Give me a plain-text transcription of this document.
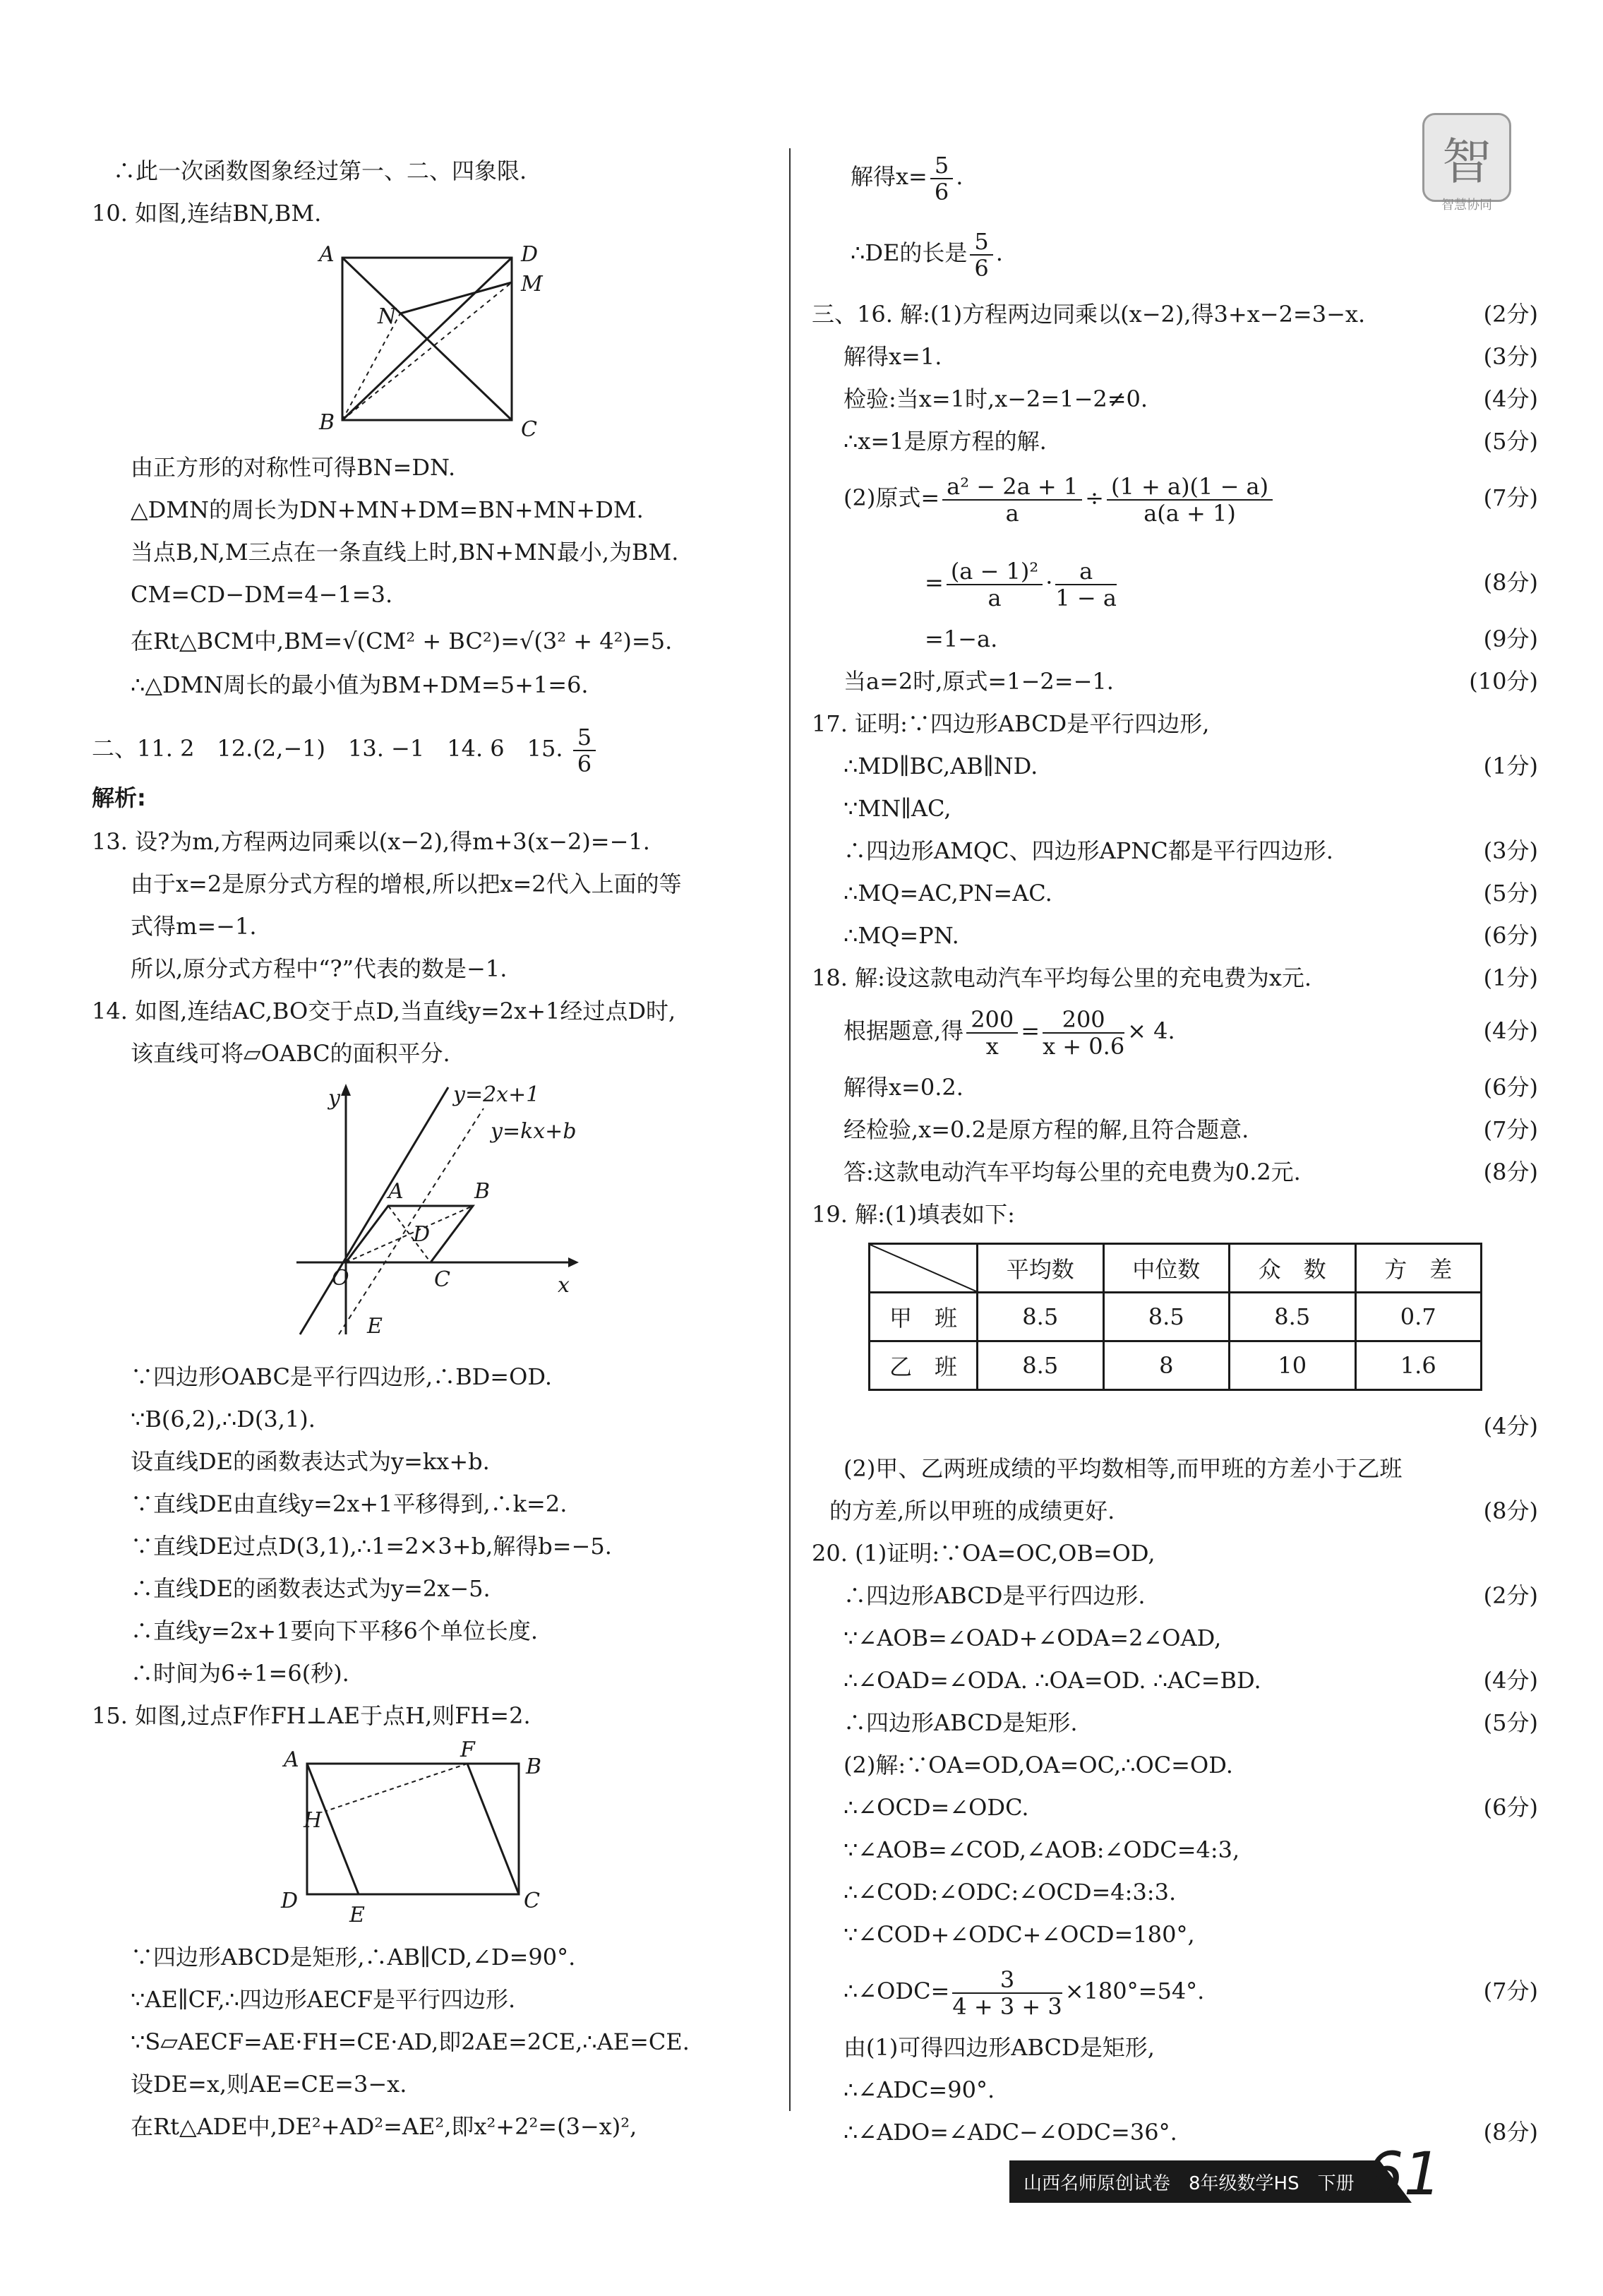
智
智慧协同
∴此一次函数图象经过第一、二、四象限.
10. 如图,连结BN,BM.
A	D
N
M
B	C
由正方形的对称性可得BN=DN.
△DMN的周长为DN+MN+DM=BN+MN+DM.
当点B,N,M三点在一条直线上时,BN+MN最小,为BM.
CM=CD−DM=4−1=3.
在Rt△BCM中,BM=√(CM² + BC²)=√(3² + 4²)=5.
∴△DMN周长的最小值为BM+DM=5+1=6.
二、11. 2　12.(2,−1)　13. −1　14. 6　15. $\frac{5}{6}$
解析:
13. 设?为m,方程两边同乘以(x−2),得m+3(x−2)=−1.
由于x=2是原分式方程的增根,所以把x=2代入上面的等
式得m=−1.
所以,原分式方程中“?”代表的数是−1.
14. 如图,连结AC,BO交于点D,当直线y=2x+1经过点D时,
该直线可将▱OABC的面积平分.
y	y=2x+1
y=kx+b
A	B
D
O	C	x
E
∵四边形OABC是平行四边形,∴BD=OD.
∵B(6,2),∴D(3,1).
设直线DE的函数表达式为y=kx+b.
∵直线DE由直线y=2x+1平移得到,∴k=2.
∵直线DE过点D(3,1),∴1=2×3+b,解得b=−5.
∴直线DE的函数表达式为y=2x−5.
∴直线y=2x+1要向下平移6个单位长度.
∴时间为6÷1=6(秒).
15. 如图,过点F作FH⊥AE于点H,则FH=2.
A	F
B
H
D
E
C
∵四边形ABCD是矩形,∴AB∥CD,∠D=90°.
∵AE∥CF,∴四边形AECF是平行四边形.
∵S▱AECF=AE·FH=CE·AD,即2AE=2CE,∴AE=CE.
设DE=x,则AE=CE=3−x.
在Rt△ADE中,DE²+AD²=AE²,即x²+2²=(3−x)²,
解得$x= \frac{5}{6}$ .
∴DE的长是 $\frac{5}{6}$ .
三、16. 解:(1)方程两边同乘以(x−2),得3+x−2=3−x.	(2分)
解得x=1.	(3分)
检验:当x=1时,x−2=1−2≠0.	(4分)
∴x=1是原方程的解.	(5分)
(2)原式= $\frac{\text{a² − 2a + 1}}{a} \div \frac{(1 + a)(1 - a)}{a(a + 1)}$	(7分)
= $\frac{\text{(a − 1)²}}{a} \cdot \frac{a}{1 - a}$	(8分)
=1−a.	(9分)
当a=2时,原式=1−2=−1.	(10分)
17. 证明:∵四边形ABCD是平行四边形,
∴MD∥BC,AB∥ND.	(1分)
∵MN∥AC,
∴四边形AMQC、四边形APNC都是平行四边形.	(3分)
∴MQ=AC,PN=AC.	(5分)
∴MQ=PN.	(6分)
18. 解:设这款电动汽车平均每公里的充电费为x元.	(1分)
根据题意,得 $\frac{200}{x} = \frac{200}{x + 0.6} \times 4$.	(4分)
解得x=0.2.	(6分)
经检验,x=0.2是原方程的解,且符合题意.	(7分)
答:这款电动汽车平均每公里的充电费为0.2元.	(8分)
19. 解:(1)填表如下:
	平均数	中位数	众　数	方　差
甲　班	8.5	8.5	8.5	0.7
乙　班	8.5	8	10	1.6
(4分)
(2)甲、乙两班成绩的平均数相等,而甲班的方差小于乙班
的方差,所以甲班的成绩更好.	(8分)
20. (1)证明:∵OA=OC,OB=OD,
∴四边形ABCD是平行四边形.	(2分)
∵∠AOB=∠OAD+∠ODA=2∠OAD,
∴∠OAD=∠ODA. ∴OA=OD. ∴AC=BD.	(4分)
∴四边形ABCD是矩形.	(5分)
(2)解:∵OA=OD,OA=OC,∴OC=OD.
∴∠OCD=∠ODC.	(6分)
∵∠AOB=∠COD,∠AOB:∠ODC=4:3,
∴∠COD:∠ODC:∠OCD=4:3:3.
∵∠COD+∠ODC+∠OCD=180°,
∴∠ODC= $\frac{3}{4 + 3 + 3} \times 180^\circ=54^\circ$.	(7分)
由(1)可得四边形ABCD是矩形,
∴∠ADC=90°.
∴∠ADO=∠ADC−∠ODC=36°.	(8分)
山西名师原创试卷　8年级数学HS　下册 61
